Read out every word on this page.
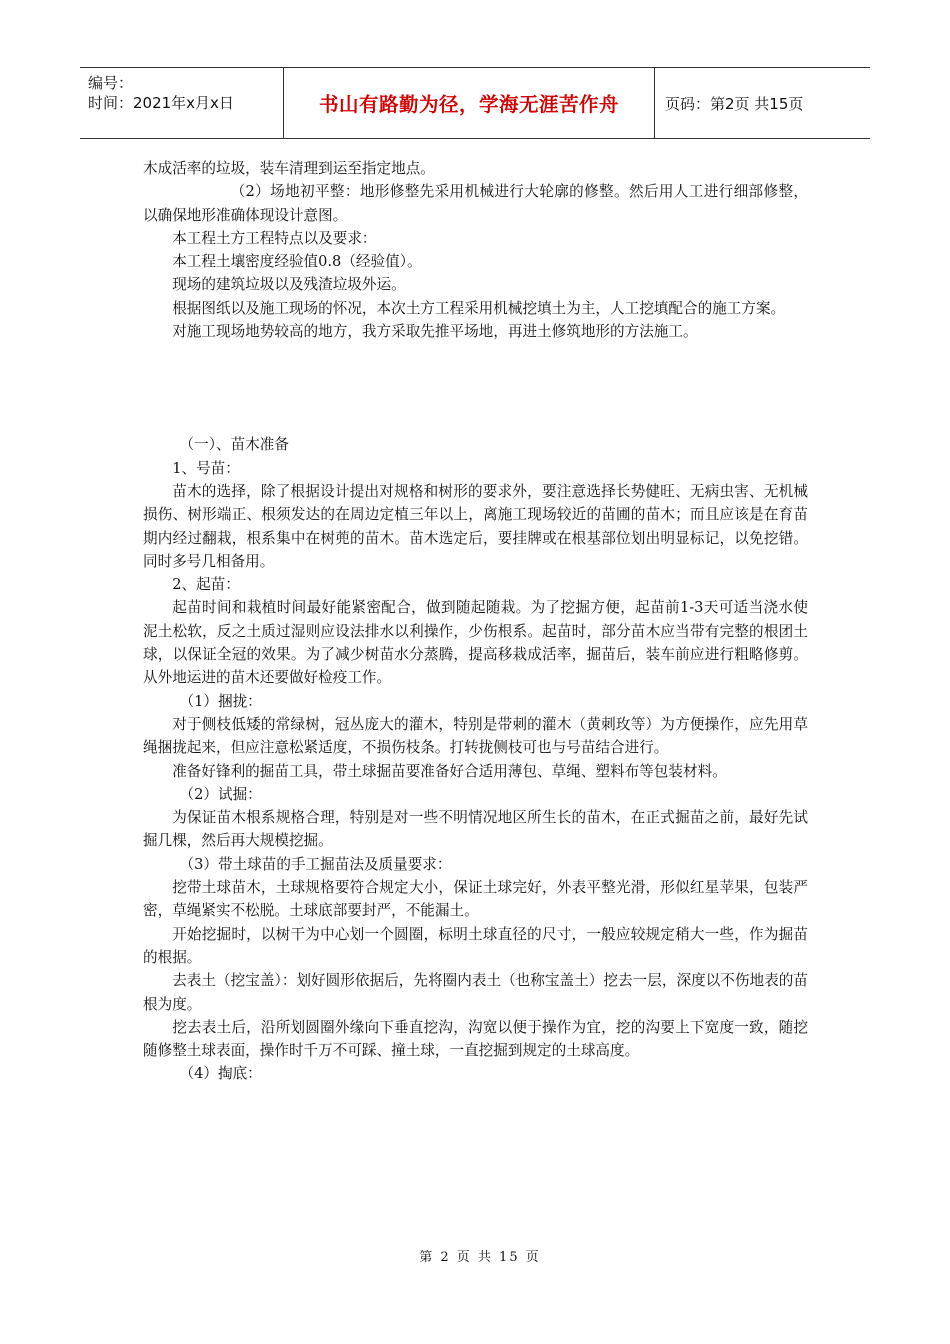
编号：
时间：2021年x月x日	书山有路勤为径，学海无涯苦作舟	页码：第2页 共15页
木成活率的垃圾，装车清理到运至指定地点。
（2）场地初平整：地形修整先采用机械进行大轮廓的修整。然后用人工进行细部修整，以确保地形准确体现设计意图。
本工程土方工程特点以及要求：
本工程土壤密度经验值0.8（经验值）。
现场的建筑垃圾以及残渣垃圾外运。
根据图纸以及施工现场的怀况，本次土方工程采用机械挖填土为主，人工挖填配合的施工方案。
对施工现场地势较高的地方，我方采取先推平场地，再进土修筑地形的方法施工。
（一）、苗木准备
1、号苗：
苗木的选择，除了根据设计提出对规格和树形的要求外，要注意选择长势健旺、无病虫害、无机械损伤、树形端正、根须发达的在周边定植三年以上，离施工现场较近的苗圃的苗木；而且应该是在育苗期内经过翻栽，根系集中在树蔸的苗木。苗木选定后，要挂牌或在根基部位划出明显标记，以免挖错。同时多号几相备用。
2、起苗：
起苗时间和栽植时间最好能紧密配合，做到随起随栽。为了挖掘方便，起苗前1-3天可适当浇水使泥土松软，反之土质过湿则应设法排水以利操作，少伤根系。起苗时，部分苗木应当带有完整的根团土球，以保证全冠的效果。为了减少树苗水分蒸腾，提高移栽成活率，掘苗后，装车前应进行粗略修剪。从外地运进的苗木还要做好检疫工作。
（1）捆拢：
对于侧枝低矮的常绿树，冠丛庞大的灌木，特别是带刺的灌木（黄刺玫等）为方便操作，应先用草绳捆拢起来，但应注意松紧适度，不损伤枝条。打转拢侧枝可也与号苗结合进行。
准备好锋利的掘苗工具，带土球掘苗要准备好合适用薄包、草绳、塑料布等包装材料。
（2）试掘：
为保证苗木根系规格合理，特别是对一些不明情况地区所生长的苗木，在正式掘苗之前，最好先试掘几棵，然后再大规模挖掘。
（3）带土球苗的手工掘苗法及质量要求：
挖带土球苗木，土球规格要符合规定大小，保证土球完好，外表平整光滑，形似红星苹果，包装严密，草绳紧实不松脱。土球底部要封严，不能漏土。
开始挖掘时，以树干为中心划一个圆圈，标明土球直径的尺寸，一般应较规定稍大一些，作为掘苗的根据。
去表土（挖宝盖）：划好圆形依据后，先将圈内表土（也称宝盖土）挖去一层，深度以不伤地表的苗根为度。
挖去表土后，沿所划圆圈外缘向下垂直挖沟，沟宽以便于操作为宜，挖的沟要上下宽度一致，随挖随修整土球表面，操作时千万不可踩、撞土球，一直挖掘到规定的土球高度。
（4）掏底：
第 2 页 共 15 页
